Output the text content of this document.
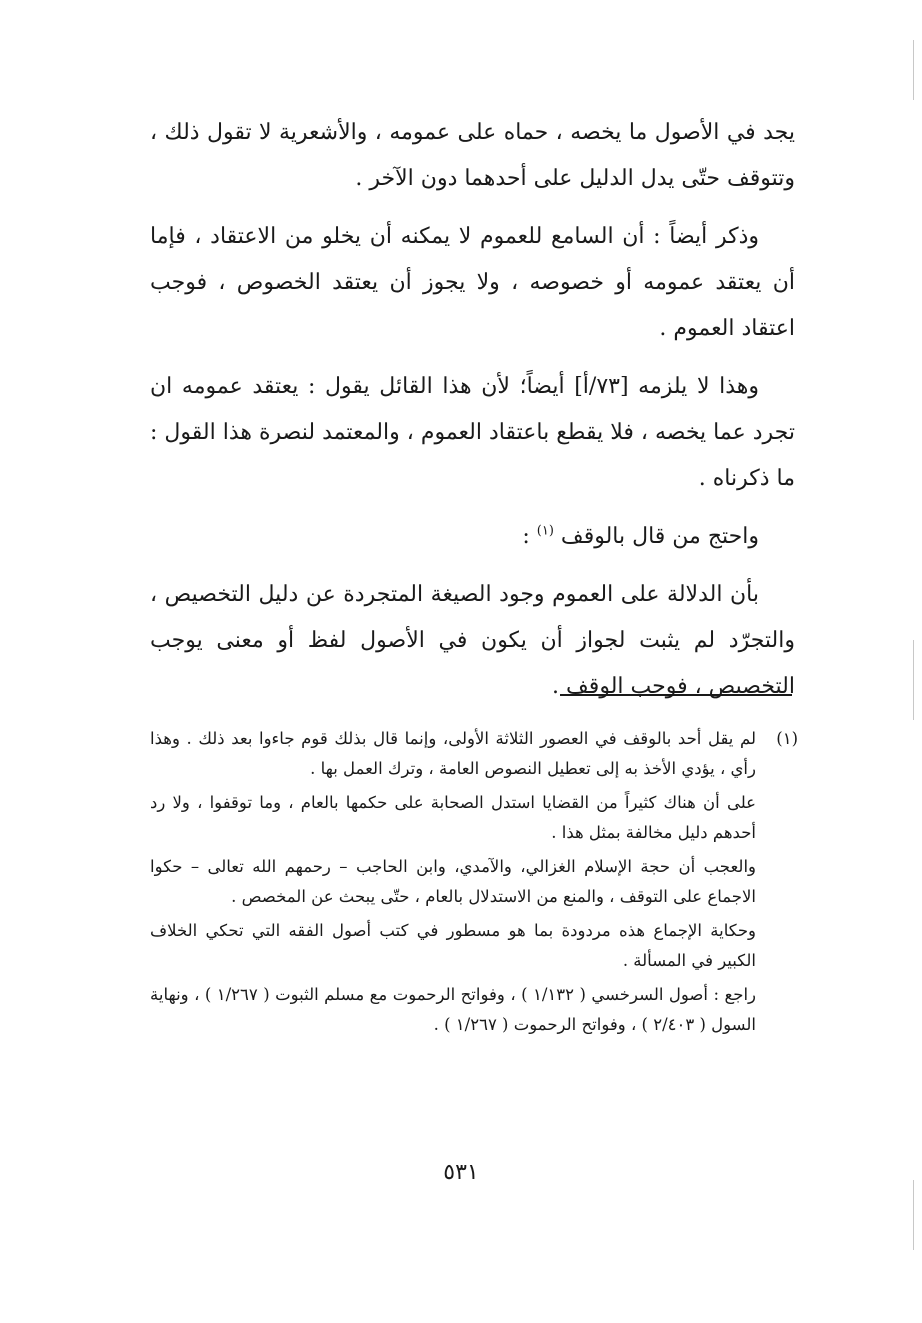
يجد في الأصول ما يخصه ، حماه على عمومه ، والأشعرية لا تقول ذلك ، وتتوقف حتّى يدل الدليل على أحدهما دون الآخر .

وذكر أيضاً : أن السامع للعموم لا يمكنه أن يخلو من الاعتقاد ، فإما أن يعتقد عمومه أو خصوصه ، ولا يجوز أن يعتقد الخصوص ، فوجب اعتقاد العموم .

وهذا لا يلزمه [٧٣/أ] أيضاً؛ لأن هذا القائل يقول : يعتقد عمومه ان تجرد عما يخصه ، فلا يقطع باعتقاد العموم ، والمعتمد لنصرة هذا القول : ما ذكرناه .

واحتج من قال بالوقف $^{(١)}$ :

بأن الدلالة على العموم وجود الصيغة المتجردة عن دليل التخصيص ، والتجرّد لم يثبت لجواز أن يكون في الأصول لفظ أو معنى يوجب التخصيص ، فوجب الوقف .

(١)

لم يقل أحد بالوقف في العصور الثلاثة الأولى، وإنما قال بذلك قوم جاءوا بعد ذلك . وهذا رأي ، يؤدي الأخذ به إلى تعطيل النصوص العامة ، وترك العمل بها .

على أن هناك كثيراً من القضايا استدل الصحابة على حكمها بالعام ، وما توقفوا ، ولا رد أحدهم دليل مخالفة بمثل هذا .

والعجب أن حجة الإسلام الغزالي، والآمدي، وابن الحاجب – رحمهم الله تعالى – حكوا الاجماع على التوقف ، والمنع من الاستدلال بالعام ، حتّى يبحث عن المخصص .

وحكاية الإجماع هذه مردودة بما هو مسطور في كتب أصول الفقه التي تحكي الخلاف الكبير في المسألة .

راجع : أصول السرخسي ( ١/١٣٢ ) ، وفواتح الرحموت مع مسلم الثبوت ( ١/٢٦٧ ) ، ونهاية السول ( ٢/٤٠٣ ) ، وفواتح الرحموت ( ١/٢٦٧ ) .

٥٣١
